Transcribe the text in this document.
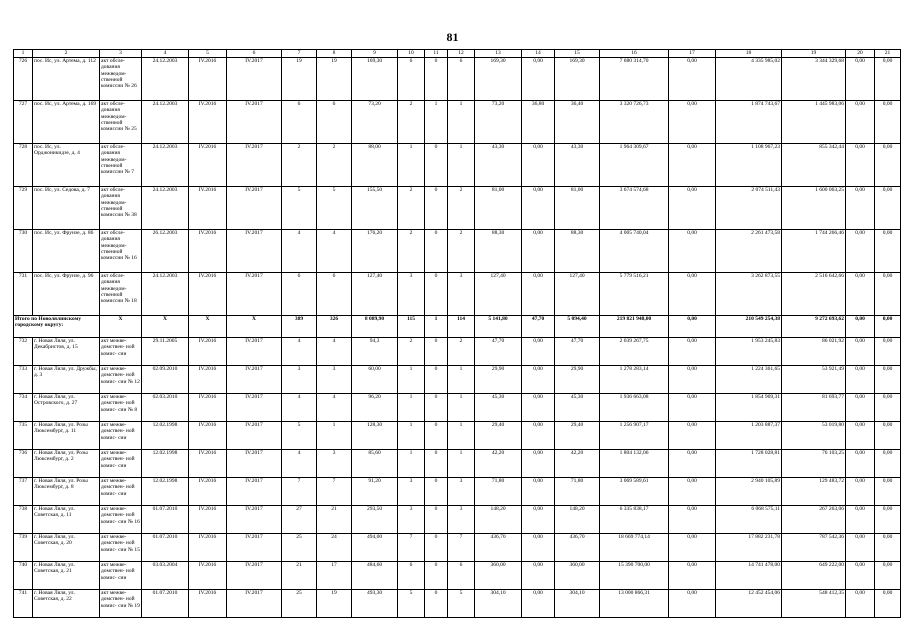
81
1	2	3	4	5	6	7	8	9	10	11	12	13	14	15	16	17	18	19	20	21
726	пос. Ис, ул. Артема, д. 112	акт обсле- дования межведом- ственной комиссии № 26	24.12.2003	IV.2016	IV.2017	19	19	169,30	6	0	6	169,30	0,00	169,30	7 680 314,70	0,00	4 335 985,02	3 344 329,68	0,00	0,00
727	пос. Ис, ул. Артема, д. 169	акт обсле- дования межведом- ственной комиссии № 25	24.12.2003	IV.2016	IV.2017	6	6	73,20	2	1	1	73,20	36,80	36,40	3 320 726,73	0,00	1 874 743,67	1 445 983,06	0,00	0,00
728	пос. Ис, ул. Орджоникидзе, д. 4	акт обсле- дования межведом- ственной комиссии № 7	24.12.2003	IV.2016	IV.2017	2	2	88,00	1	0	1	43,30	0,00	43,30	1 964 309,67	0,00	1 108 967,23	855 342,44	0,00	0,00
729	пос. Ис, ул. Седова, д. 7	акт обсле- дования межведом- ственной комиссии № 38	24.12.2003	IV.2016	IV.2017	5	5	155,50	2	0	2	81,00	0,00	81,00	3 674 574,68	0,00	2 074 511,43	1 600 063,25	0,00	0,00
730	пос. Ис, ул. Фрунзе, д. 86	акт обсле- дования межведом- ственной комиссии № 16	26.12.2003	IV.2016	IV.2017	4	4	176,20	2	0	2	88,30	0,00	88,30	4 005 740,04	0,00	2 261 473,58	1 744 266,46	0,00	0,00
731	пос. Ис, ул. Фрунзе, д. 96	акт обсле- дования межведом- ственной комиссии № 18	24.12.2003	IV.2016	IV.2017	6	6	127,40	3	0	3	127,40	0,00	127,40	5 779 516,21	0,00	3 262 873,55	2 516 642,66	0,00	0,00
Итого по Новолялинскому городскому округу:		X	X	X	X	389	326	8 089,90	115	1	114	5 141,80	47,70	5 094,40	219 821 948,00	0,00	210 549 254,38	9 272 693,62	0,00	0,00
732	г. Новая Ляля, ул. Декабристов, д. 15	акт межве- домствен- ной комис- сии	29.11.2005	IV.2016	IV.2017	4	4	94,3	2	0	2	47,70	0,00	47,70	2 039 267,75	0,00	1 953 245,83	86 021,92	0,00	0,00
733	г. Новая Ляля, ул. Дружбы, д. 3	акт межве- домствен- ной комис- сии № 12	02.09.2010	IV.2016	IV.2017	3	3	60,00	1	0	1	29,90	0,00	29,90	1 278 283,14	0,00	1 224 361,65	53 921,49	0,00	0,00
734	г. Новая Ляля, ул. Островского, д. 27	акт межве- домствен- ной комис- сии № 8	02.03.2010	IV.2016	IV.2017	4	4	96,20	1	0	1	45,30	0,00	45,30	1 936 663,08	0,00	1 854 969,31	81 693,77	0,00	0,00
735	г. Новая Ляля, ул. Розы Люксембург, д. 11	акт межве- домствен- ной комис- сии	12.02.1998	IV.2016	IV.2017	5	1	128,30	1	0	1	29,40	0,00	29,40	1 256 907,17	0,00	1 203 887,37	53 019,80	0,00	0,00
736	г. Новая Ляля, ул. Розы Люксембург, д. 2	акт межве- домствен- ной комис- сии	12.02.1998	IV.2016	IV.2017	4	3	85,60	1	0	1	42,20	0,00	42,20	1 804 132,06	0,00	1 728 028,81	76 103,25	0,00	0,00
737	г. Новая Ляля, ул. Розы Люксембург, д. 8	акт межве- домствен- ной комис- сии	12.02.1998	IV.2016	IV.2017	7	7	91,20	3	0	3	71,80	0,00	71,80	3 069 589,61	0,00	2 940 105,89	129 483,72	0,00	0,00
738	г. Новая Ляля, ул. Советская, д. 11	акт межве- домствен- ной комис- сии № 16	01.07.2010	IV.2016	IV.2017	27	21	293,50	3	0	3	148,20	0,00	148,20	6 335 838,17	0,00	6 068 575,11	267 263,06	0,00	0,00
739	г. Новая Ляля, ул. Советская, д. 20	акт межве- домствен- ной комис- сии № 15	01.07.2010	IV.2016	IV.2017	25	24	494,00	7	0	7	436,70	0,00	436,70	18 669 774,14	0,00	17 882 231,78	787 542,36	0,00	0,00
740	г. Новая Ляля, ул. Советская, д. 21	акт межве- домствен- ной комис- сии	03.03.2004	IV.2016	IV.2017	21	17	484,60	6	0	6	360,00	0,00	360,00	15 390 700,00	0,00	14 741 478,00	649 222,00	0,00	0,00
741	г. Новая Ляля, ул. Советская, д. 22	акт межве- домствен- ной комис- сии № 19	01.07.2010	IV.2016	IV.2017	25	19	493,30	5	0	5	304,10	0,00	304,10	13 000 866,31	0,00	12 452 454,06	548 412,35	0,00	0,00
